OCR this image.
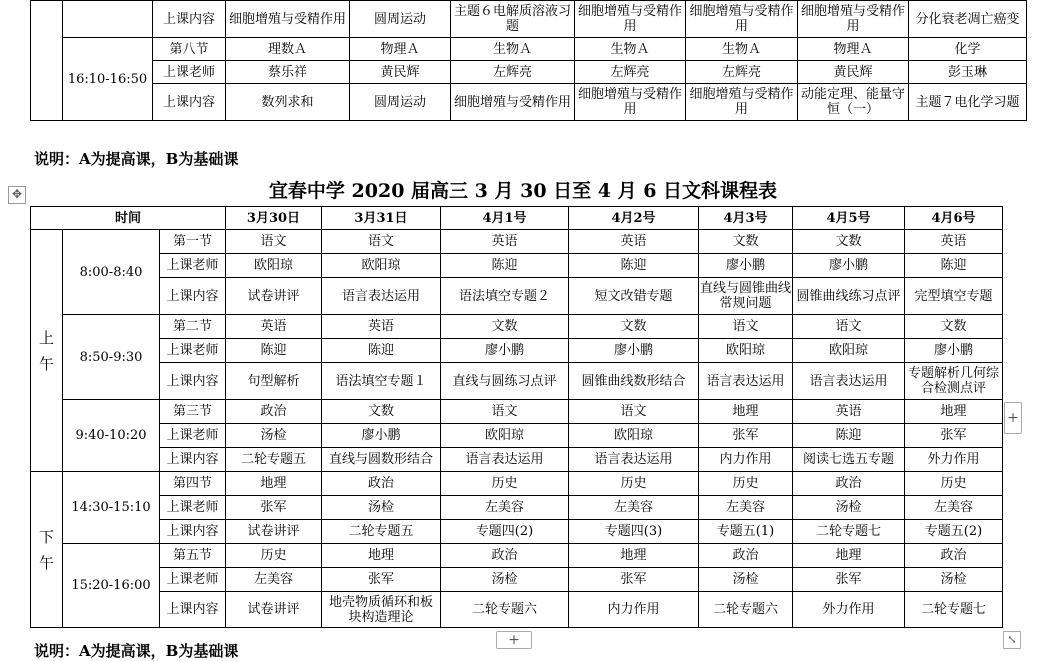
		上课内容	细胞增殖与受精作用	圆周运动	主题６电解质溶液习题	细胞增殖与受精作用	细胞增殖与受精作用	细胞增殖与受精作用	分化衰老凋亡癌变
	16:10-16:50	第八节	理数Ａ	物理Ａ	生物Ａ	生物Ａ	生物Ａ	物理Ａ	化学
		上课老师	蔡乐祥	黄民辉	左辉亮	左辉亮	左辉亮	黄民辉	彭玉琳
		上课内容	数列求和	圆周运动	细胞增殖与受精作用	细胞增殖与受精作用	细胞增殖与受精作用	动能定理、能量守恒（一）	主题７电化学习题
说明：A为提高课，B为基础课
✥	宜春中学 2020 届高三 3 月 30 日至 4 月 6 日文科课程表
时间			3月30日	3月31日	4月1号	4月2号	4月3号	4月5号	4月6号
上
午	8:00-8:40	第一节	语文	语文	英语	英语	文数	文数	英语
		上课老师	欧阳琼	欧阳琼	陈迎	陈迎	廖小鹏	廖小鹏	陈迎
		上课内容	试卷讲评	语言表达运用	语法填空专题２	短文改错专题	直线与圆锥曲线常规问题	圆锥曲线练习点评	完型填空专题
	8:50-9:30	第二节	英语	英语	文数	文数	语文	语文	文数
		上课老师	陈迎	陈迎	廖小鹏	廖小鹏	欧阳琼	欧阳琼	廖小鹏
		上课内容	句型解析	语法填空专题１	直线与圆练习点评	圆锥曲线数形结合	语言表达运用	语言表达运用	专题解析几何综合检测点评
	9:40-10:20	第三节	政治	文数	语文	语文	地理	英语	地理
		上课老师	汤检	廖小鹏	欧阳琼	欧阳琼	张军	陈迎	张军
		上课内容	二轮专题五	直线与圆数形结合	语言表达运用	语言表达运用	内力作用	阅读七选五专题	外力作用
下
午	14:30-15:10	第四节	地理	政治	历史	历史	历史	政治	历史
		上课老师	张军	汤检	左美容	左美容	左美容	汤检	左美容
		上课内容	试卷讲评	二轮专题五	专题四(2)	专题四(3)	专题五(1)	二轮专题七	专题五(2)
	15:20-16:00	第五节	历史	地理	政治	地理	政治	地理	政治
		上课老师	左美容	张军	汤检	张军	汤检	张军	汤检
		上课内容	试卷讲评	地壳物质循环和板块构造理论	二轮专题六	内力作用	二轮专题六	外力作用	二轮专题七
+
+	⤡
说明：A为提高课，B为基础课
